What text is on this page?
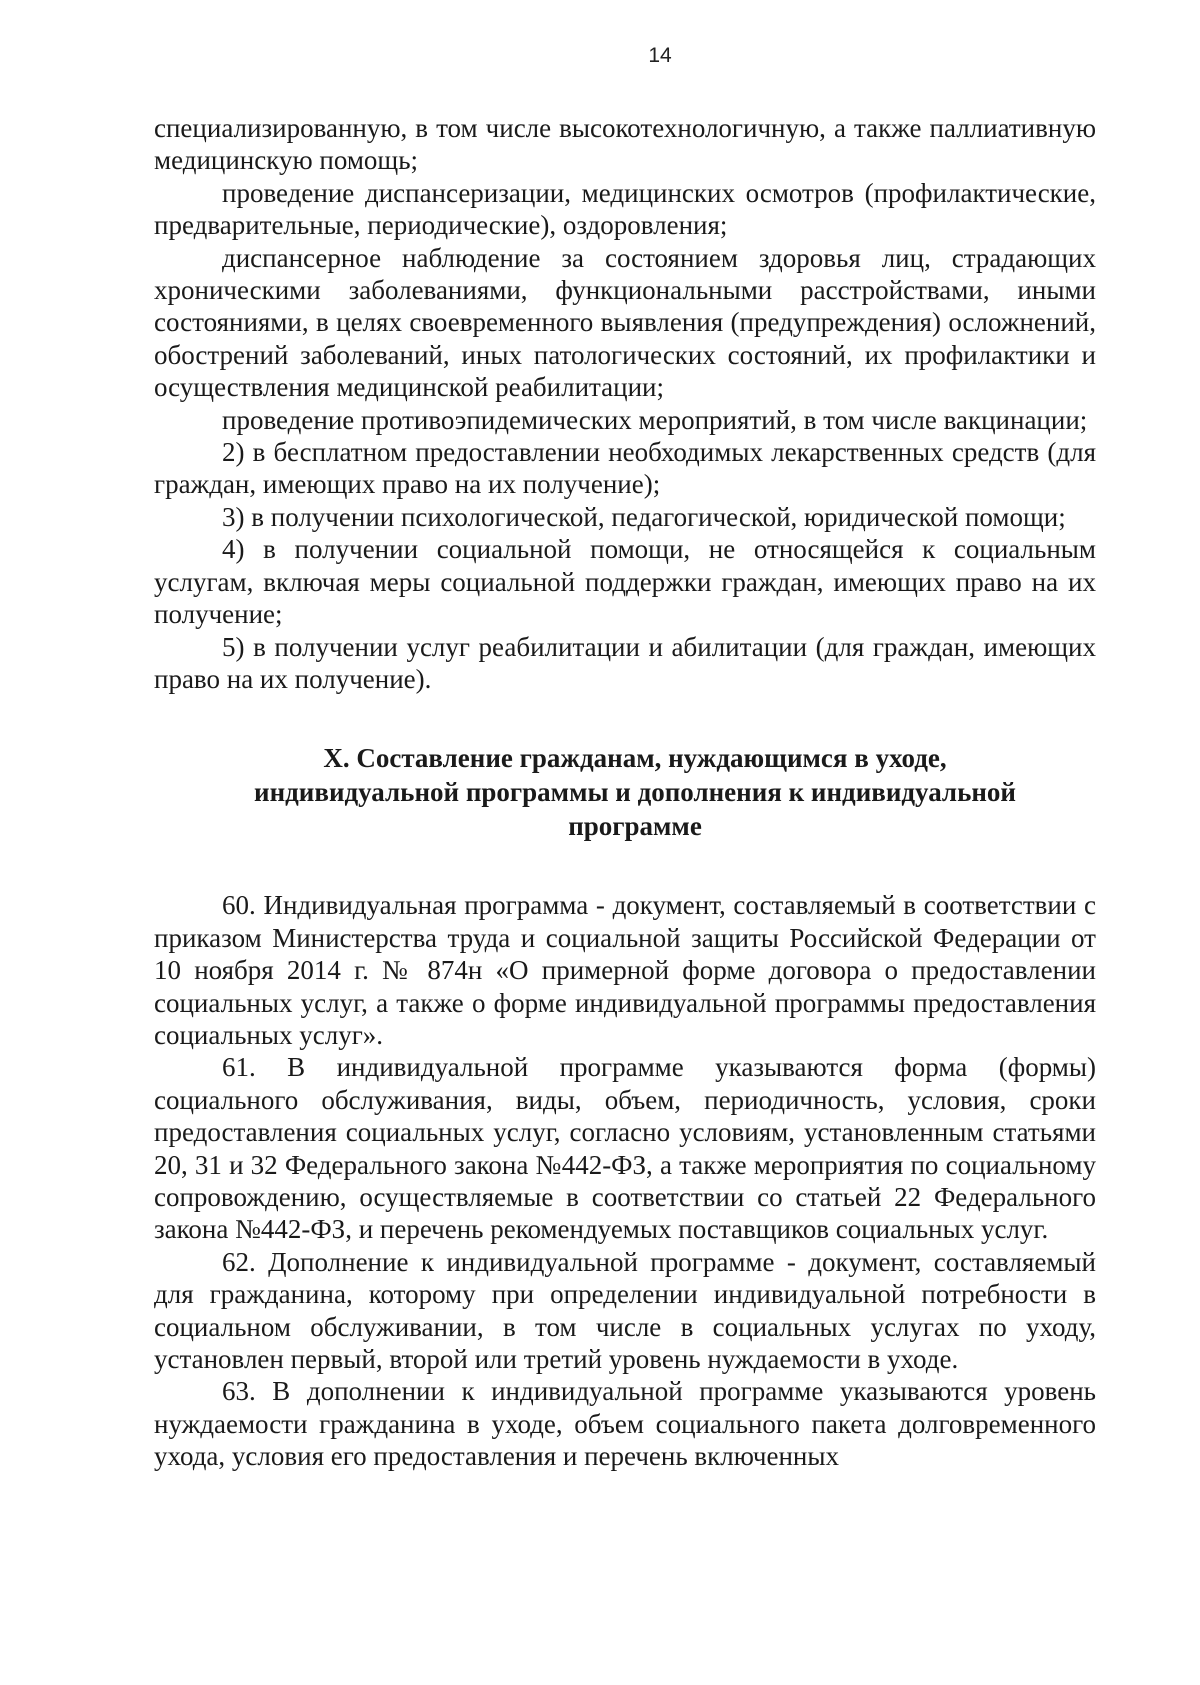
14

специализированную, в том числе высокотехнологичную, а также паллиативную медицинскую помощь;

проведение диспансеризации, медицинских осмотров (профилактические, предварительные, периодические), оздоровления;

диспансерное наблюдение за состоянием здоровья лиц, страдающих хроническими заболеваниями, функциональными расстройствами, иными состояниями, в целях своевременного выявления (предупреждения) осложнений, обострений заболеваний, иных патологических состояний, их профилактики и осуществления медицинской реабилитации;

проведение противоэпидемических мероприятий, в том числе вакцинации;

2) в бесплатном предоставлении необходимых лекарственных средств (для граждан, имеющих право на их получение);

3) в получении психологической, педагогической, юридической помощи;

4) в получении социальной помощи, не относящейся к социальным услугам, включая меры социальной поддержки граждан, имеющих право на их получение;

5) в получении услуг реабилитации и абилитации (для граждан, имеющих право на их получение).

X. Составление гражданам, нуждающимся в уходе,
индивидуальной программы и дополнения к индивидуальной
программе

60. Индивидуальная программа - документ, составляемый в соответствии с приказом Министерства труда и социальной защиты Российской Федерации от 10 ноября 2014 г. № 874н «О примерной форме договора о предоставлении социальных услуг, а также о форме индивидуальной программы предоставления социальных услуг».

61. В индивидуальной программе указываются форма (формы) социального обслуживания, виды, объем, периодичность, условия, сроки предоставления социальных услуг, согласно условиям, установленным статьями 20, 31 и 32 Федерального закона №442-ФЗ, а также мероприятия по социальному сопровождению, осуществляемые в соответствии со статьей 22 Федерального закона №442-ФЗ, и перечень рекомендуемых поставщиков социальных услуг.

62. Дополнение к индивидуальной программе - документ, составляемый для гражданина, которому при определении индивидуальной потребности в социальном обслуживании, в том числе в социальных услугах по уходу, установлен первый, второй или третий уровень нуждаемости в уходе.

63. В дополнении к индивидуальной программе указываются уровень нуждаемости гражданина в уходе, объем социального пакета долговременного ухода, условия его предоставления и перечень включенных
